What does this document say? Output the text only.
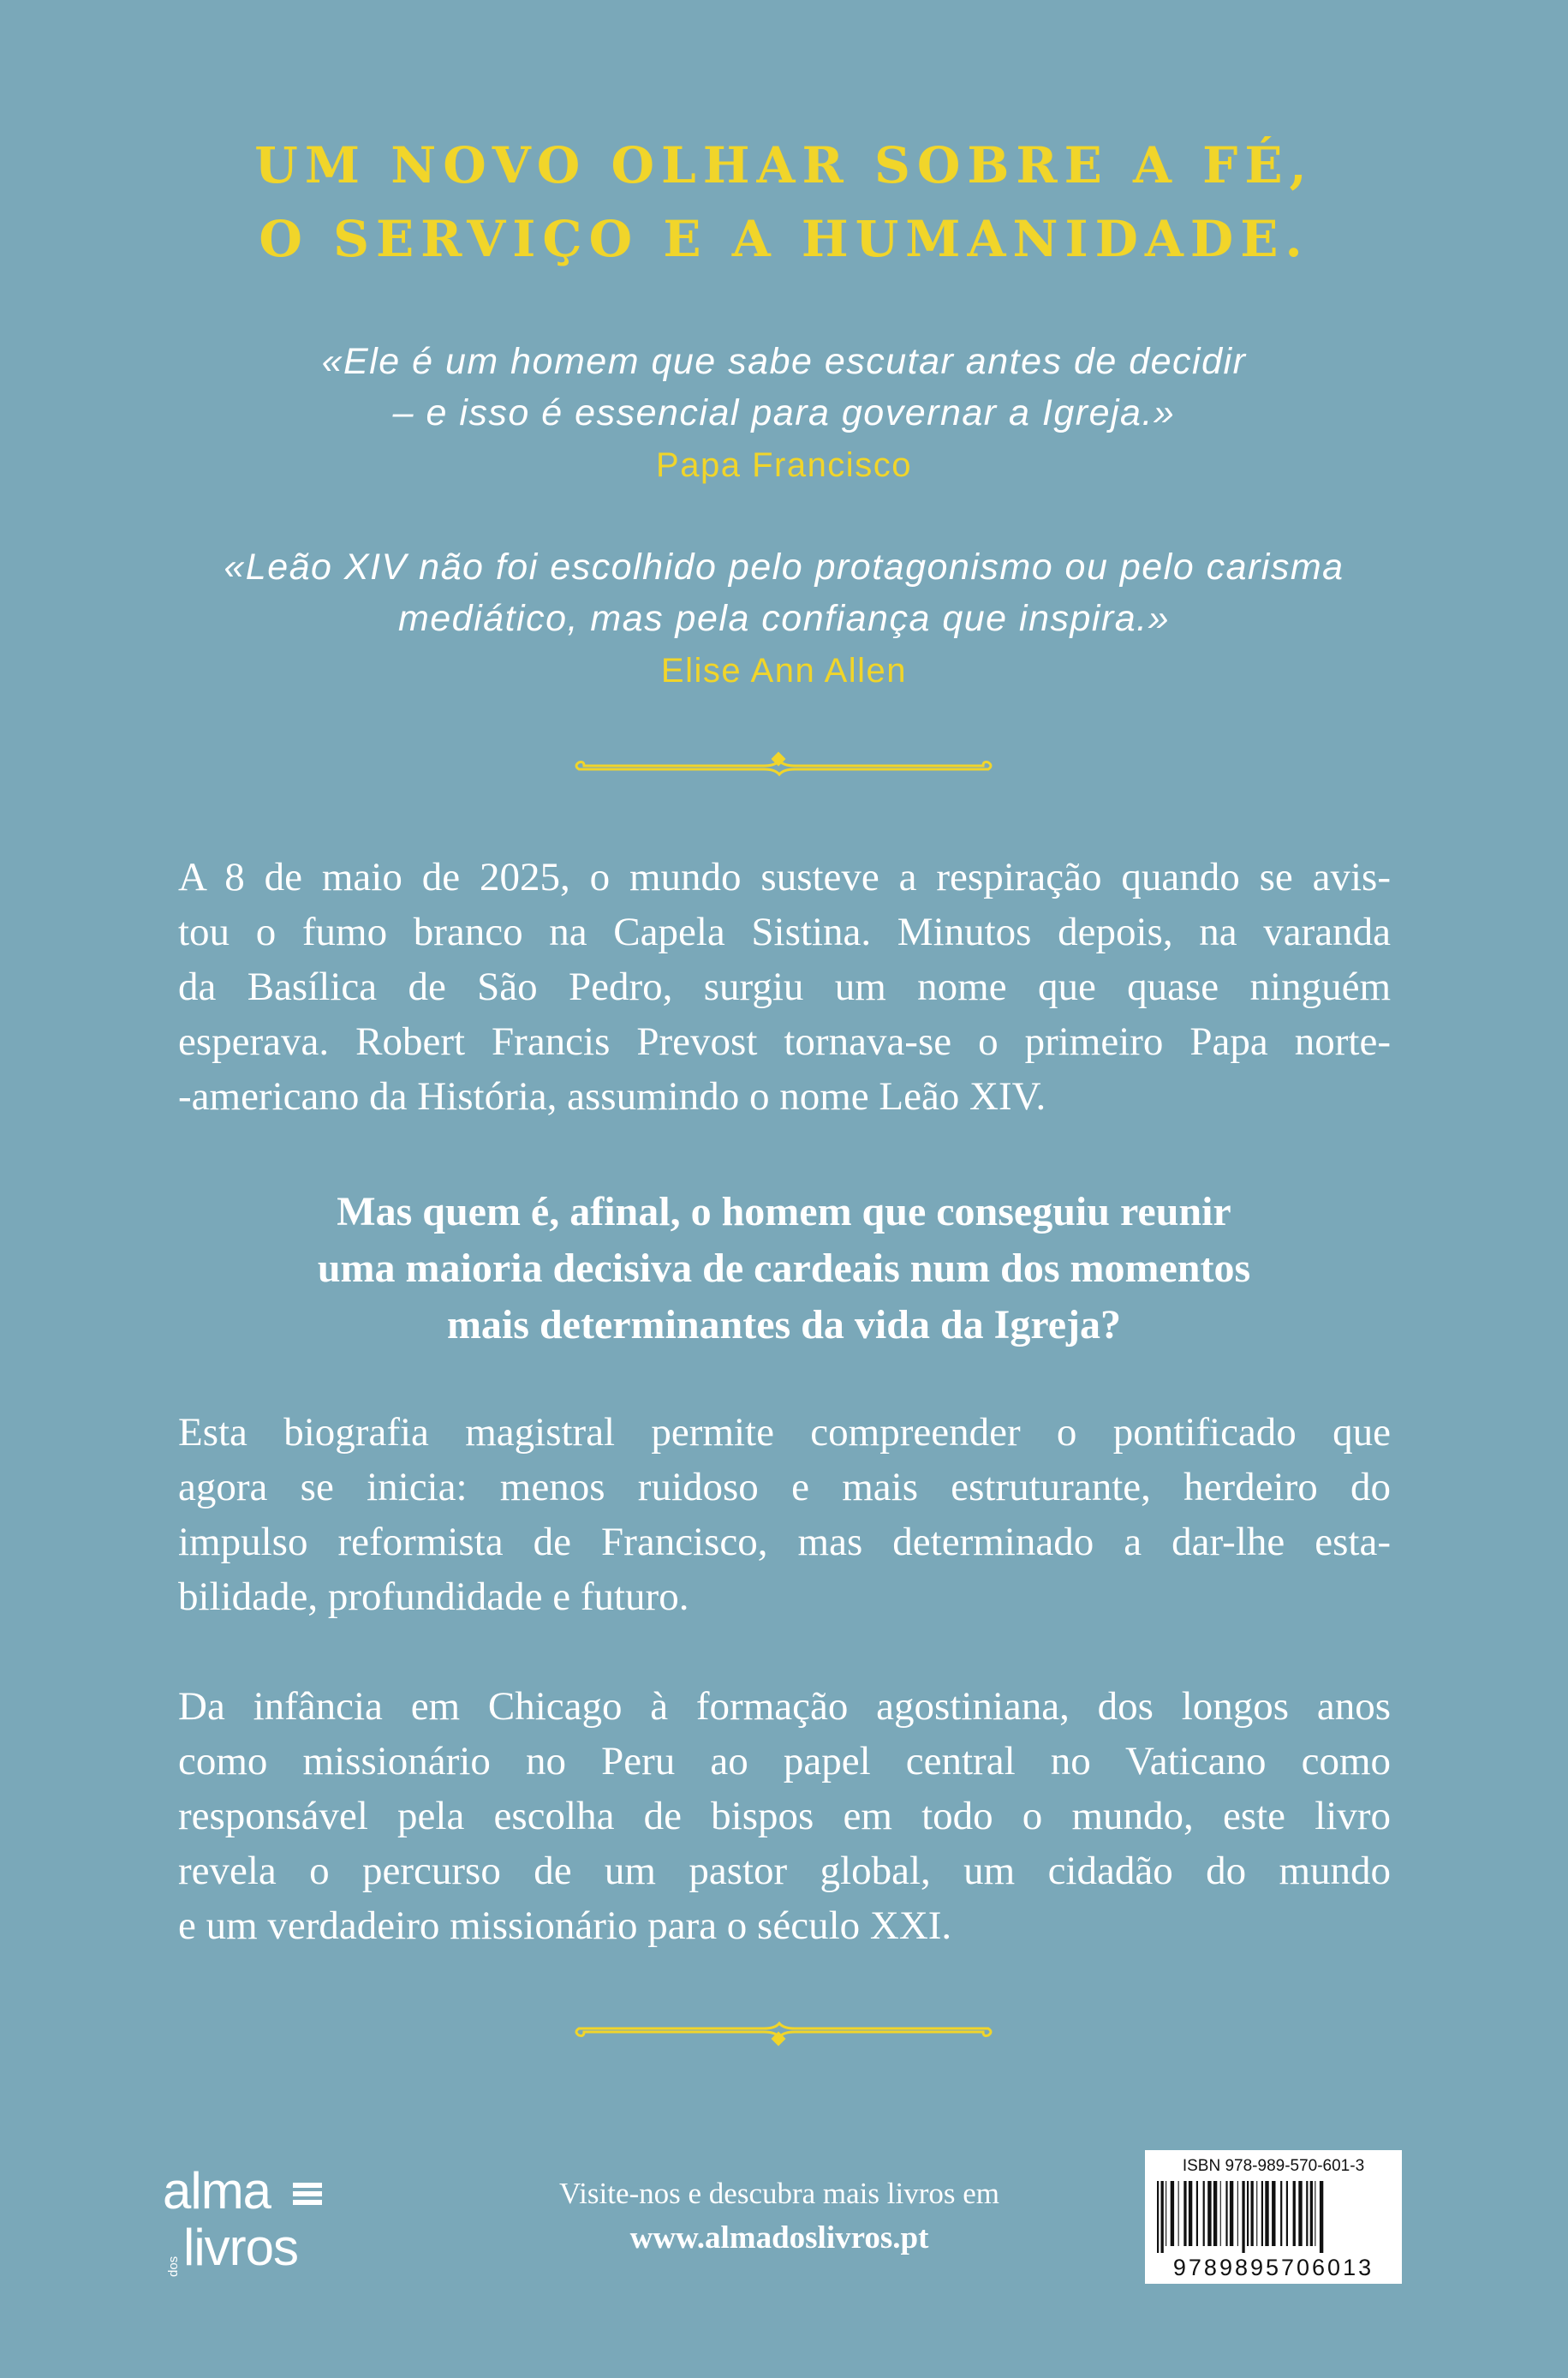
UM NOVO OLHAR SOBRE A FÉ,
O SERVIÇO E A HUMANIDADE.
«Ele é um homem que sabe escutar antes de decidir
– e isso é essencial para governar a Igreja.»
Papa Francisco
«Leão XIV não foi escolhido pelo protagonismo ou pelo carisma
mediático, mas pela confiança que inspira.»
Elise Ann Allen
A 8 de maio de 2025, o mundo susteve a respiração quando se avis-
tou o fumo branco na Capela Sistina. Minutos depois, na varanda
da Basílica de São Pedro, surgiu um nome que quase ninguém
esperava. Robert Francis Prevost tornava-se o primeiro Papa norte-
-americano da História, assumindo o nome Leão XIV.
Mas quem é, afinal, o homem que conseguiu reunir
uma maioria decisiva de cardeais num dos momentos
mais determinantes da vida da Igreja?
Esta biografia magistral permite compreender o pontificado que
agora se inicia: menos ruidoso e mais estruturante, herdeiro do
impulso reformista de Francisco, mas determinado a dar-lhe esta-
bilidade, profundidade e futuro.
Da infância em Chicago à formação agostiniana, dos longos anos
como missionário no Peru ao papel central no Vaticano como
responsável pela escolha de bispos em todo o mundo, este livro
revela o percurso de um pastor global, um cidadão do mundo
e um verdadeiro missionário para o século XXI.
alma
dos livros
Visite-nos e descubra mais livros em
www.almadoslivros.pt
ISBN 978-989-570-601-3
9789895706013
